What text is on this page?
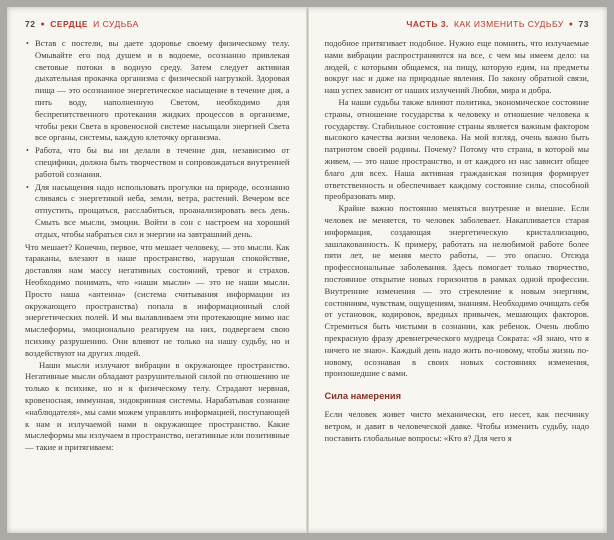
72 ● СЕРДЦЕ И СУДЬБА
• Встав с постели, вы даете здоровье своему физическому телу. Омывайте его под душем и в водоеме, осознанно привлекая световые потоки в водную среду. Затем следует активная дыхательная прокачка организма с физической нагрузкой. Здоровая пища — это осознанное энергетическое насыщение в течение дня, а пить воду, наполненную Светом, необходимо для беспрепятственного протекания жидких процессов в организме, чтобы реки Света в кровеносной системе насыщали энергией Света все органы, системы, каждую клеточку организма.

• Работа, что бы вы ни делали в течение дня, независимо от специфики, должна быть творчеством и сопровождаться внутренней работой сознания.

• Для насыщения надо использовать прогулки на природе, осознанно сливаясь с энергетикой неба, земли, ветра, растений. Вечером все отпустить, прощаться, расслабиться, проанализировать весь день. Смыть все мысли, эмоции. Войти в сон с настроем на хороший отдых, чтобы набраться сил и энергии на завтрашний день.

Что мешает? Конечно, первое, что мешает человеку, — это мысли. Как тараканы, влезают в наше пространство, нарушая спокойствие, доставляя нам массу негативных состояний, тревог и страхов. Необходимо понимать, что «наши мысли» — это не наши мысли. Просто наша «антенна» (система считывания информации из окружающего пространства) попала в информационный слой энергетических полей. И мы вылавливаем эти протекающие мимо нас мыслеформы, эмоционально реагируем на них, подвергаем свою психику разрушению. Они влияют не только на нашу судьбу, но и воздействуют на других людей.

Наши мысли излучают вибрации в окружающее пространство. Негативные мысли обладают разрушительной силой по отношению не только к психике, но и к физическому телу. Страдают нервная, кровеносная, иммунная, эндокринная системы. Нарабатывая сознание «наблюдателя», мы сами можем управлять информацией, поступающей к нам и излучаемой нами в окружающее пространство. Какие мыслеформы мы излучаем в пространство, негативные или позитивные — такие и притягиваем:

ЧАСТЬ 3. КАК ИЗМЕНИТЬ СУДЬБУ ● 73

подобное притягивает подобное. Нужно еще помнить, что излучаемые нами вибрации распространяются на все, с чем мы имеем дело: на людей, с которыми общаемся, на пищу, которую едим, на предметы вокруг нас и даже на природные явления. По закону обратной связи, наш успех зависит от наших излучений Любви, мира и добра.

На наши судьбы также влияют политика, экономическое состояние страны, отношение государства к человеку и отношение человека к государству. Стабильное состояние страны является важным фактором высокого качества жизни человека. На мой взгляд, очень важно быть патриотом своей родины. Почему? Потому что страна, в которой мы живем, — это наше пространство, и от каждого из нас зависит общее благо для всех. Наша активная гражданская позиция формирует ответственность и обеспечивает каждому состояние силы, способной преобразовать мир.

Крайне важно постоянно меняться внутренне и внешне. Если человек не меняется, то человек заболевает. Накапливается старая информация, создающая энергетическую кристаллизацию, зашлакованность. К примеру, работать на нелюбимой работе более пяти лет, не меняя место работы, — это опасно. Отсюда профессиональные заболевания. Здесь помогает только творчество, постоянное открытие новых горизонтов в рамках одной профессии. Внутренние изменения — это стремление к новым энергиям, состояниям, чувствам, ощущениям, знаниям. Необходимо очищать себя от установок, кодировок, вредных привычек, мешающих факторов. Стремиться быть чистыми в сознании, как ребенок. Очень люблю прекрасную фразу древнегреческого мудреца Сократа: «Я знаю, что я ничего не знаю». Каждый день надо жить по-новому, чтобы жизнь по-новому, осознавая в своих новых состояниях изменения, произошедшие с вами.

Сила намерения

Если человек живет чисто механически, его несет, как песчинку ветром, и давит в человеческой давке. Чтобы изменить судьбу, надо поставить глобальные вопросы: «Кто я? Для чего я
